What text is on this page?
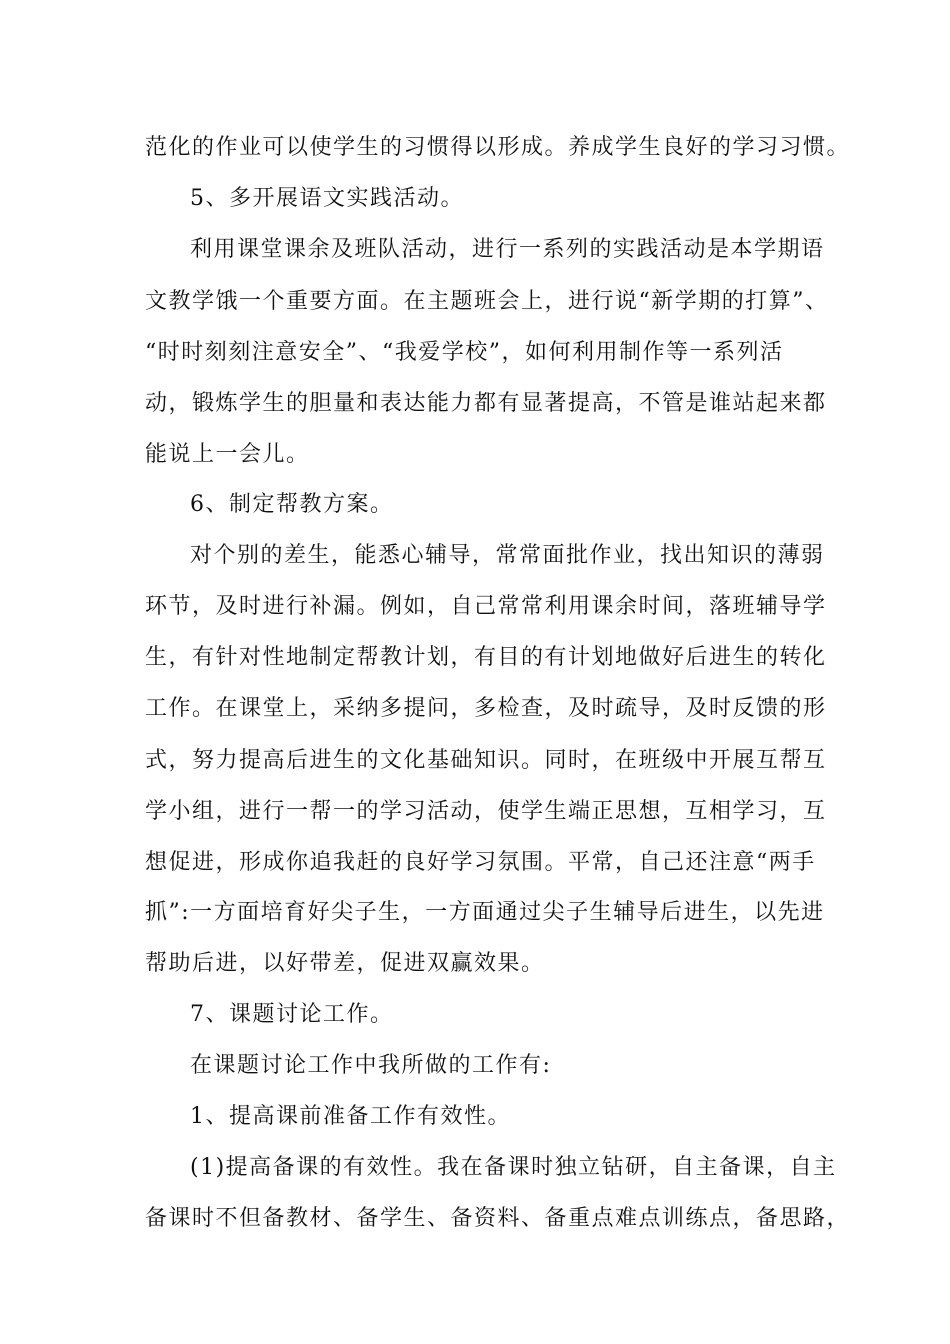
范化的作业可以使学生的习惯得以形成。养成学生良好的学习习惯。

5、多开展语文实践活动。

利用课堂课余及班队活动，进行一系列的实践活动是本学期语

文教学饿一个重要方面。在主题班会上，进行说“新学期的打算”、

“时时刻刻注意安全”、“我爱学校”，如何利用制作等一系列活

动，锻炼学生的胆量和表达能力都有显著提高，不管是谁站起来都

能说上一会儿。

6、制定帮教方案。

对个别的差生，能悉心辅导，常常面批作业，找出知识的薄弱

环节，及时进行补漏。例如，自己常常利用课余时间，落班辅导学

生，有针对性地制定帮教计划，有目的有计划地做好后进生的转化

工作。在课堂上，采纳多提问，多检查，及时疏导，及时反馈的形

式，努力提高后进生的文化基础知识。同时，在班级中开展互帮互

学小组，进行一帮一的学习活动，使学生端正思想，互相学习，互

想促进，形成你追我赶的良好学习氛围。平常，自己还注意“两手

抓”:一方面培育好尖子生，一方面通过尖子生辅导后进生，以先进

帮助后进，以好带差，促进双赢效果。

7、课题讨论工作。

在课题讨论工作中我所做的工作有:

1、提高课前准备工作有效性。

(1)提高备课的有效性。我在备课时独立钻研，自主备课，自主

备课时不但备教材、备学生、备资料、备重点难点训练点，备思路，
